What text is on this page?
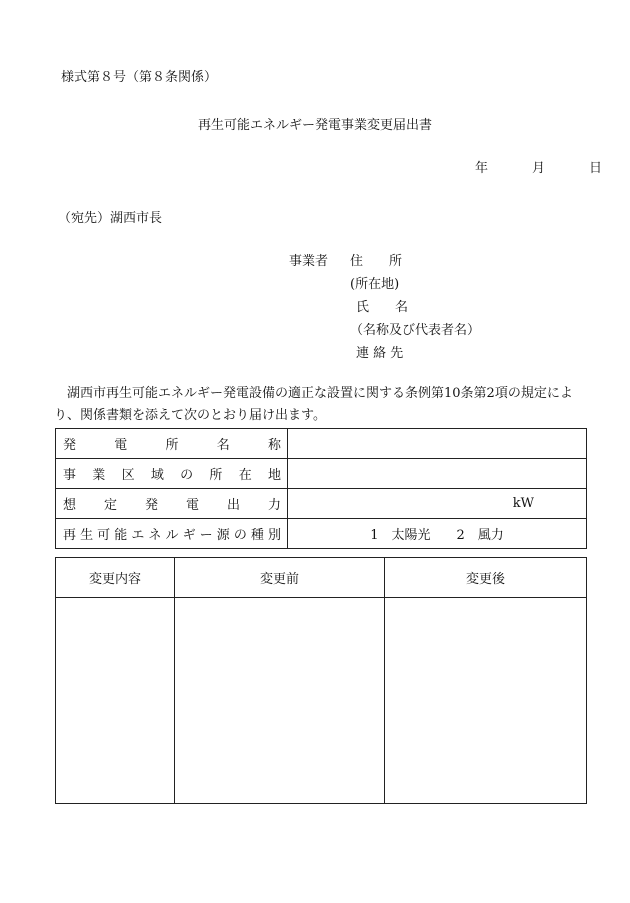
様式第８号（第８条関係）
再生可能エネルギー発電事業変更届出書
年	月	日
（宛先）湖西市長
事業者 住　　所
(所在地)
氏　　名
（名称及び代表者名）
連 絡 先
湖西市再生可能エネルギー発電設備の適正な設置に関する条例第10条第2項の規定により、関係書類を添えて次のとおり届け出ます。
発電所名称	
事業区域の所在地	
想定発電出力	kW

再生可能エネルギー源の種別	1　太陽光 2　風力
変更内容	変更前	変更後
